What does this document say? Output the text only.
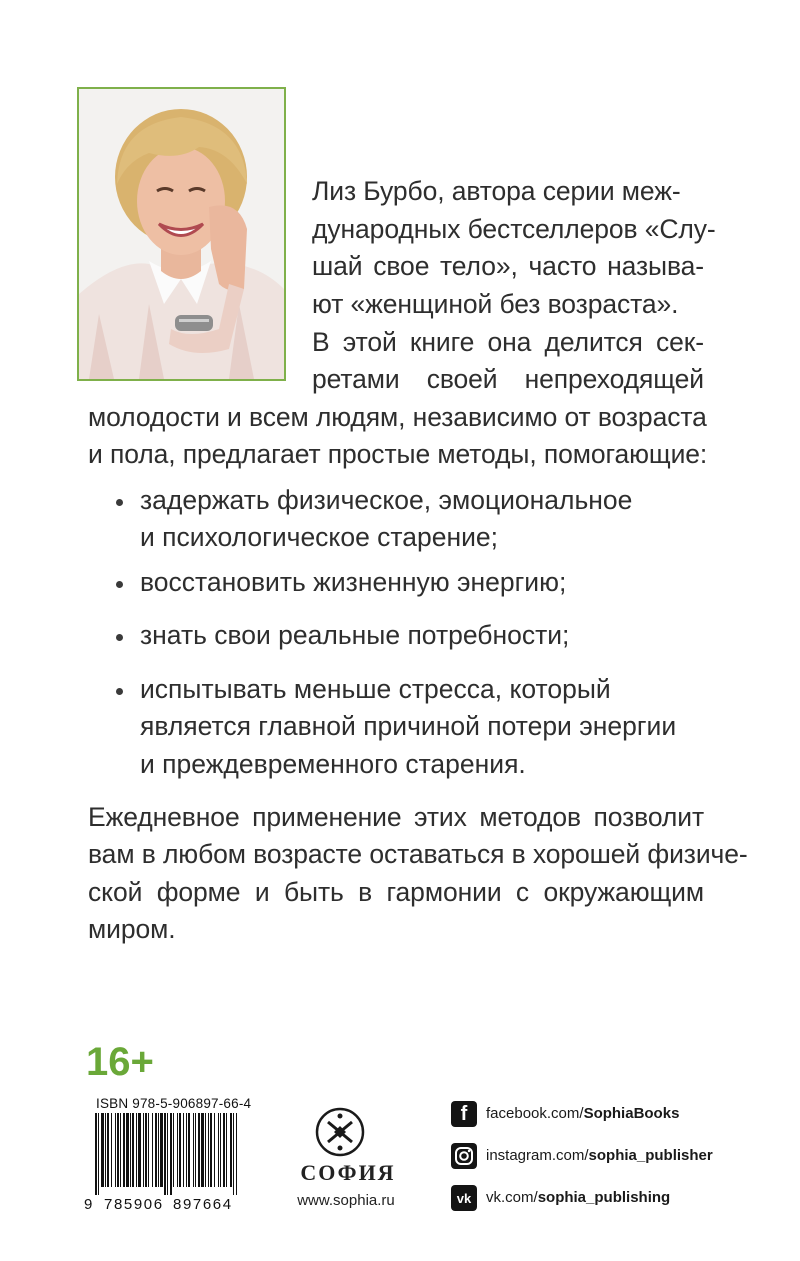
Лиз Бурбо, автора серии меж-
дународных бестселлеров «Слу-
шай свое тело», часто называ-
ют «женщиной без возраста».
В этой книге она делится сек-
ретами своей непреходящей
молодости и всем людям, независимо от возраста
и пола, предлагает простые методы, помогающие:
задержать физическое, эмоциональное
и психологическое старение;
восстановить жизненную энергию;
знать свои реальные потребности;
испытывать меньше стресса, который
является главной причиной потери энергии
и преждевременного старения.
Ежедневное применение этих методов позволит
вам в любом возрасте оставаться в хорошей физиче-
ской форме и быть в гармонии с окружающим
миром.
16+
ISBN 978-5-906897-66-4
9 785906 897664
СОФИЯ
www.sophia.ru
f facebook.com/SophiaBooks
instagram.com/sophia_publisher
vk vk.com/sophia_publishing
